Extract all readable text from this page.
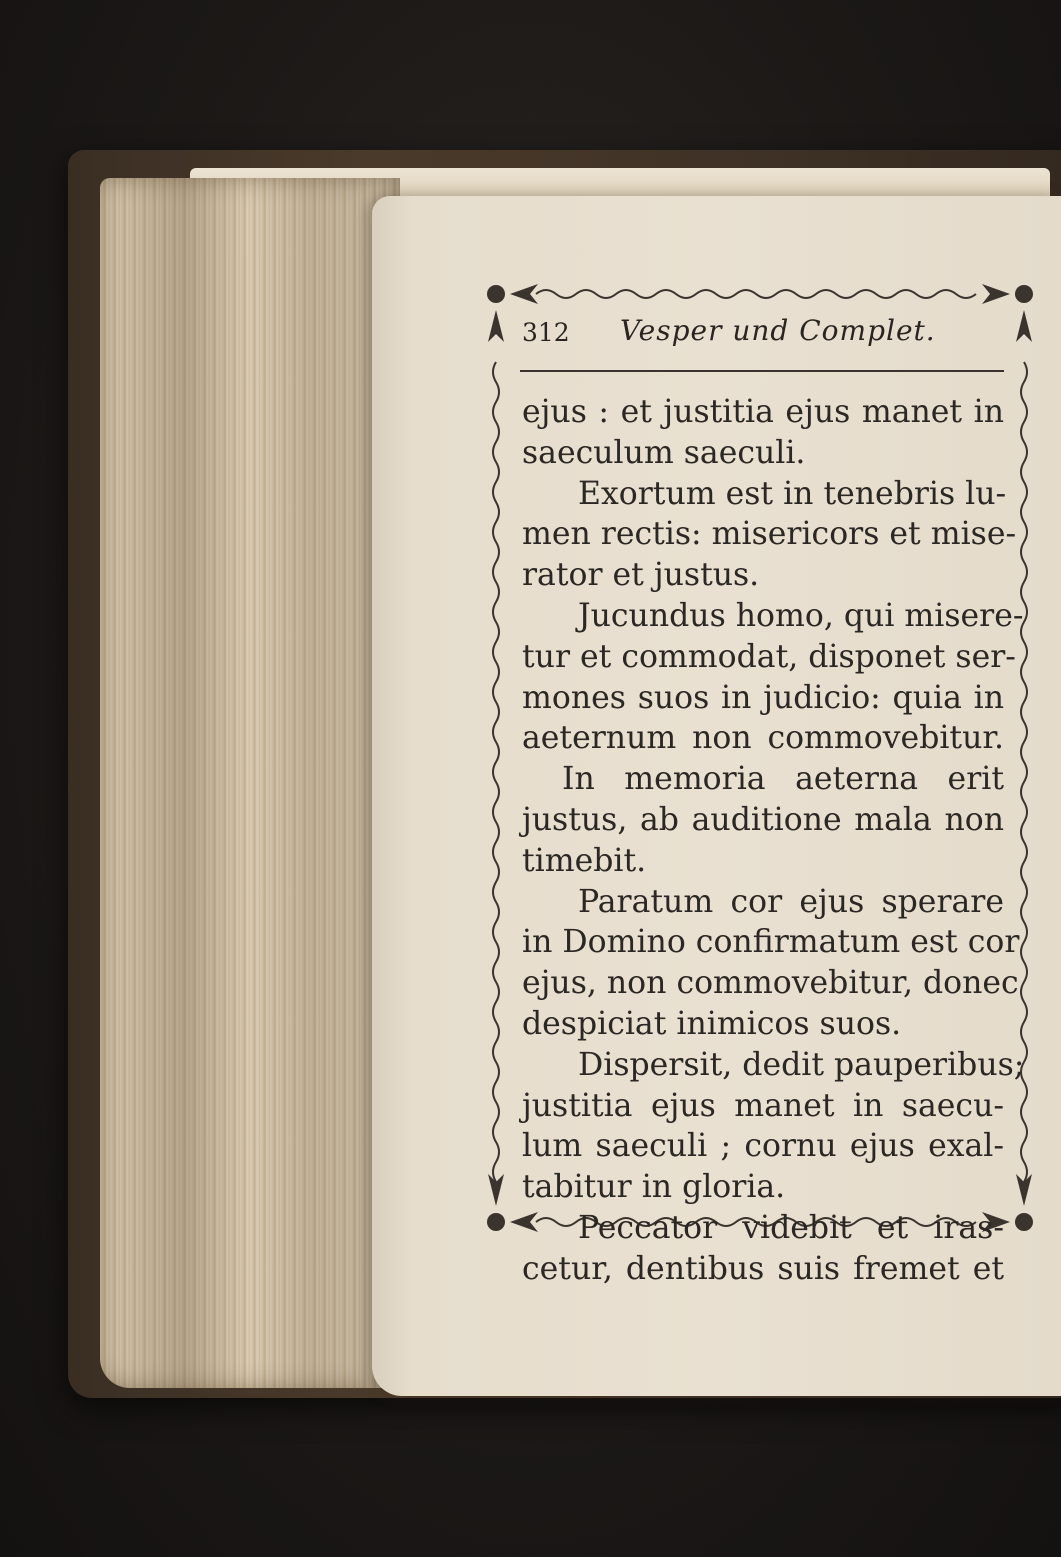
312 Vesper und Complet.
ejus : et justitia ejus manet in
saeculum saeculi.
Exortum est in tenebris lu-
men rectis: misericors et mise-
rator et justus.
Jucundus homo, qui misere-
tur et commodat, disponet ser-
mones suos in judicio: quia in
aeternum non commovebitur.
In memoria aeterna erit
justus, ab auditione mala non
timebit.
Paratum cor ejus sperare
in Domino confirmatum est cor
ejus, non commovebitur, donec
despiciat inimicos suos.
Dispersit, dedit pauperibus;
justitia ejus manet in saecu-
lum saeculi ; cornu ejus exal-
tabitur in gloria.
Peccator videbit et iras-
cetur, dentibus suis fremet et
